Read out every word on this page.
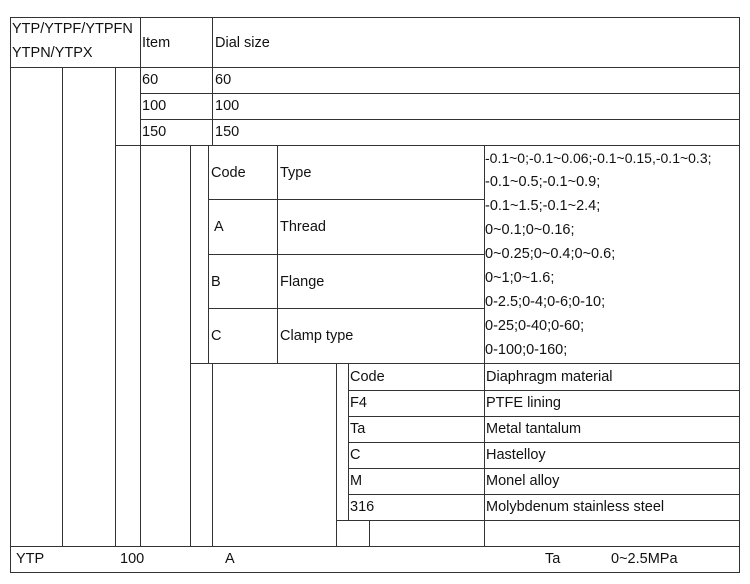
YTP/YTPF/YTPFN
YTPN/YTPX
Item	Dial size
60	60
100	100
150	150
Code Type
A	Thread
B	Flange
C	Clamp type
-0.1~0;-0.1~0.06;-0.1~0.15,-0.1~0.3;
-0.1~0.5;-0.1~0.9;
-0.1~1.5;-0.1~2.4;
0~0.1;0~0.16;
0~0.25;0~0.4;0~0.6;
0~1;0~1.6;
0-2.5;0-4;0-6;0-10;
0-25;0-40;0-60;
0-100;0-160;
Code	Diaphragm material
F4	PTFE lining
Ta	Metal tantalum
C	Hastelloy
M	Monel alloy
316	Molybdenum stainless steel
YTP	100	A	Ta	0~2.5MPa
